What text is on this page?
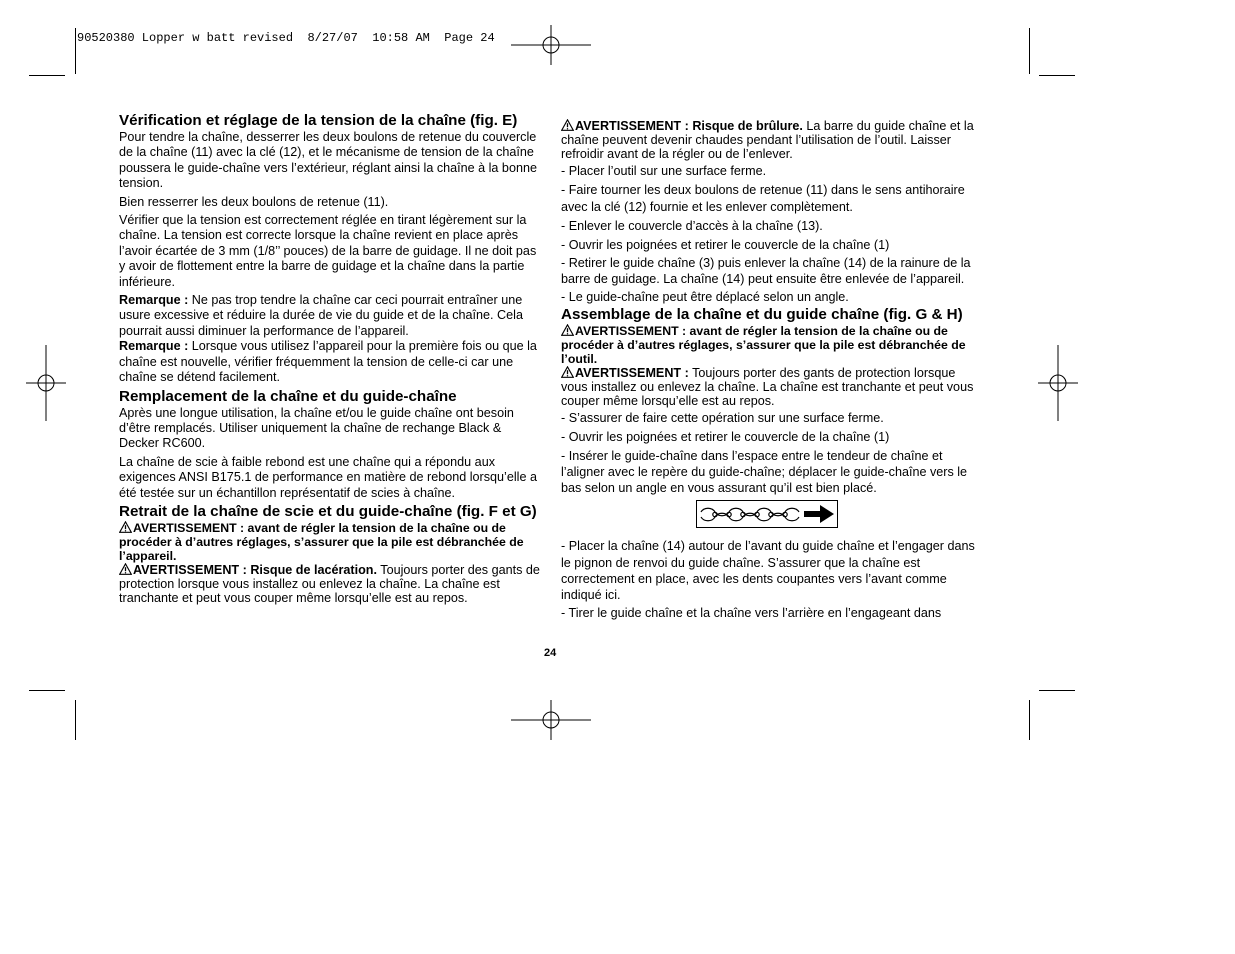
90520380 Lopper w batt revised  8/27/07  10:58 AM  Page 24
Vérification et réglage de la tension de la chaîne (fig. E)

Pour tendre la chaîne, desserrer les deux boulons de retenue du couvercle de la chaîne (11) avec la clé (12), et le mécanisme de tension de la chaîne poussera le guide-chaîne vers l’extérieur, réglant ainsi la chaîne à la bonne tension.

Bien resserrer les deux boulons de retenue (11).

Vérifier que la tension est correctement réglée en tirant légèrement sur la chaîne. La tension est correcte lorsque la chaîne revient en place après l’avoir écartée de 3 mm (1/8’’ pouces) de la barre de guidage. Il ne doit pas y avoir de flottement entre la barre de guidage et la chaîne dans la partie inférieure.

Remarque : Ne pas trop tendre la chaîne car ceci pourrait entraîner une usure excessive et réduire la durée de vie du guide et de la chaîne. Cela pourrait aussi diminuer la performance de l’appareil.

Remarque : Lorsque vous utilisez l’appareil pour la première fois ou que la chaîne est nouvelle, vérifier fréquemment la tension de celle-ci car une chaîne se détend facilement.

Remplacement de la chaîne et du guide-chaîne

Après une longue utilisation, la chaîne et/ou le guide chaîne ont besoin d’être remplacés. Utiliser uniquement la chaîne de rechange Black & Decker RC600.

La chaîne de scie à faible rebond est une chaîne qui a répondu aux exigences ANSI B175.1 de performance en matière de rebond lorsqu’elle a été testée sur un échantillon représentatif de scies à chaîne.

Retrait de la chaîne de scie et du guide-chaîne (fig. F et G)

AVERTISSEMENT : avant de régler la tension de la chaîne ou de procéder à d’autres réglages, s’assurer que la pile est débranchée de l’appareil.

AVERTISSEMENT : Risque de lacération. Toujours porter des gants de protection lorsque vous installez ou enlevez la chaîne. La chaîne est tranchante et peut vous couper même lorsqu’elle est au repos.

AVERTISSEMENT : Risque de brûlure. La barre du guide chaîne et la chaîne peuvent devenir chaudes pendant l’utilisation de l’outil. Laisser refroidir avant de la régler ou de l’enlever.

- Placer l’outil sur une surface ferme.

- Faire tourner les deux boulons de retenue (11) dans le sens antihoraire avec la clé (12) fournie et les enlever complètement.

- Enlever le couvercle d’accès à la chaîne (13).

- Ouvrir les poignées et retirer le couvercle de la chaîne (1)

- Retirer le guide chaîne (3) puis enlever la chaîne (14) de la rainure de la barre de guidage. La chaîne (14) peut ensuite être enlevée de l’appareil.

- Le guide-chaîne peut être déplacé selon un angle.

Assemblage de la chaîne et du guide chaîne (fig. G & H)

AVERTISSEMENT : avant de régler la tension de la chaîne ou de procéder à d’autres réglages, s’assurer que la pile est débranchée de l’outil.

AVERTISSEMENT : Toujours porter des gants de protection lorsque vous installez ou enlevez la chaîne. La chaîne est tranchante et peut vous couper même lorsqu’elle est au repos.

- S’assurer de faire cette opération sur une surface ferme.

- Ouvrir les poignées et retirer le couvercle de la chaîne (1)

- Insérer le guide-chaîne dans l’espace entre le tendeur de chaîne et l’aligner avec le repère du guide-chaîne; déplacer le guide-chaîne vers le bas selon un angle en vous assurant qu’il est bien placé.

- Placer la chaîne (14) autour de l’avant du guide chaîne et l’engager dans le pignon de renvoi du guide chaîne. S’assurer que la chaîne est correctement en place, avec les dents coupantes vers l’avant comme indiqué ici.

- Tirer le guide chaîne et la chaîne vers l’arrière en l’engageant dans

24
